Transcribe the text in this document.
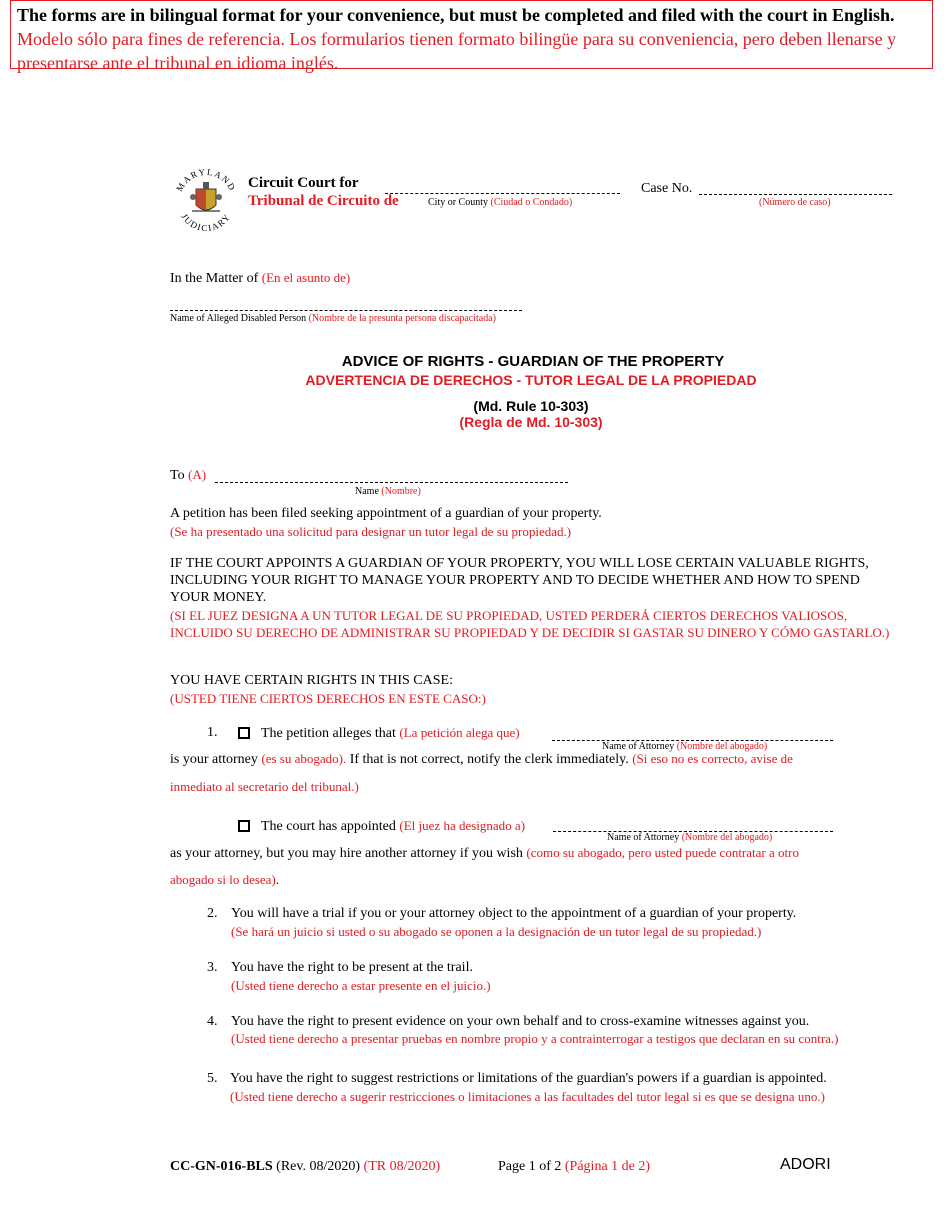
The forms are in bilingual format for your convenience, but must be completed and filed with the court in English.
Modelo sólo para fines de referencia. Los formularios tienen formato bilingüe para su conveniencia, pero deben llenarse y presentarse ante el tribunal en idioma inglés.
MARYLAND
JUDICIARY
Circuit Court for
Tribunal de Circuito de	City or County (Ciudad o Condado)
Case No.
(Número de caso)
In the Matter of (En el asunto de)
Name of Alleged Disabled Person (Nombre de la presunta persona discapacitada)
ADVICE OF RIGHTS - GUARDIAN OF THE PROPERTY
ADVERTENCIA DE DERECHOS - TUTOR LEGAL DE LA PROPIEDAD
(Md. Rule 10-303)
(Regla de Md. 10-303)
To (A)
Name (Nombre)
A petition has been filed seeking appointment of a guardian of your property.
(Se ha presentado una solicitud para designar un tutor legal de su propiedad.)
IF THE COURT APPOINTS A GUARDIAN OF YOUR PROPERTY, YOU WILL LOSE CERTAIN VALUABLE RIGHTS, INCLUDING YOUR RIGHT TO MANAGE YOUR PROPERTY AND TO DECIDE WHETHER AND HOW TO SPEND YOUR MONEY.
(SI EL JUEZ DESIGNA A UN TUTOR LEGAL DE SU PROPIEDAD, USTED PERDERÁ CIERTOS DERECHOS VALIOSOS, INCLUIDO SU DERECHO DE ADMINISTRAR SU PROPIEDAD Y DE DECIDIR SI GASTAR SU DINERO Y CÓMO GASTARLO.)
YOU HAVE CERTAIN RIGHTS IN THIS CASE:
(USTED TIENE CIERTOS DERECHOS EN ESTE CASO:)
1.	The petition alleges that (La petición alega que)
Name of Attorney (Nombre del abogado)
is your attorney (es su abogado). If that is not correct, notify the clerk immediately. (Si eso no es correcto, avise de
inmediato al secretario del tribunal.)
The court has appointed (El juez ha designado a)
Name of Attorney (Nombre del abogado)
as your attorney, but you may hire another attorney if you wish (como su abogado, pero usted puede contratar a otro
abogado si lo desea).
2. You will have a trial if you or your attorney object to the appointment of a guardian of your property.
(Se hará un juicio si usted o su abogado se oponen a la designación de un tutor legal de su propiedad.)
3. You have the right to be present at the trail.
(Usted tiene derecho a estar presente en el juicio.)
4. You have the right to present evidence on your own behalf and to cross-examine witnesses against you.
(Usted tiene derecho a presentar pruebas en nombre propio y a contrainterrogar a testigos que declaran en su contra.)
5. You have the right to suggest restrictions or limitations of the guardian's powers if a guardian is appointed.
(Usted tiene derecho a sugerir restricciones o limitaciones a las facultades del tutor legal si es que se designa uno.)
CC-GN-016-BLS (Rev. 08/2020) (TR 08/2020)	Page 1 of 2 (Página 1 de 2)	ADORI
